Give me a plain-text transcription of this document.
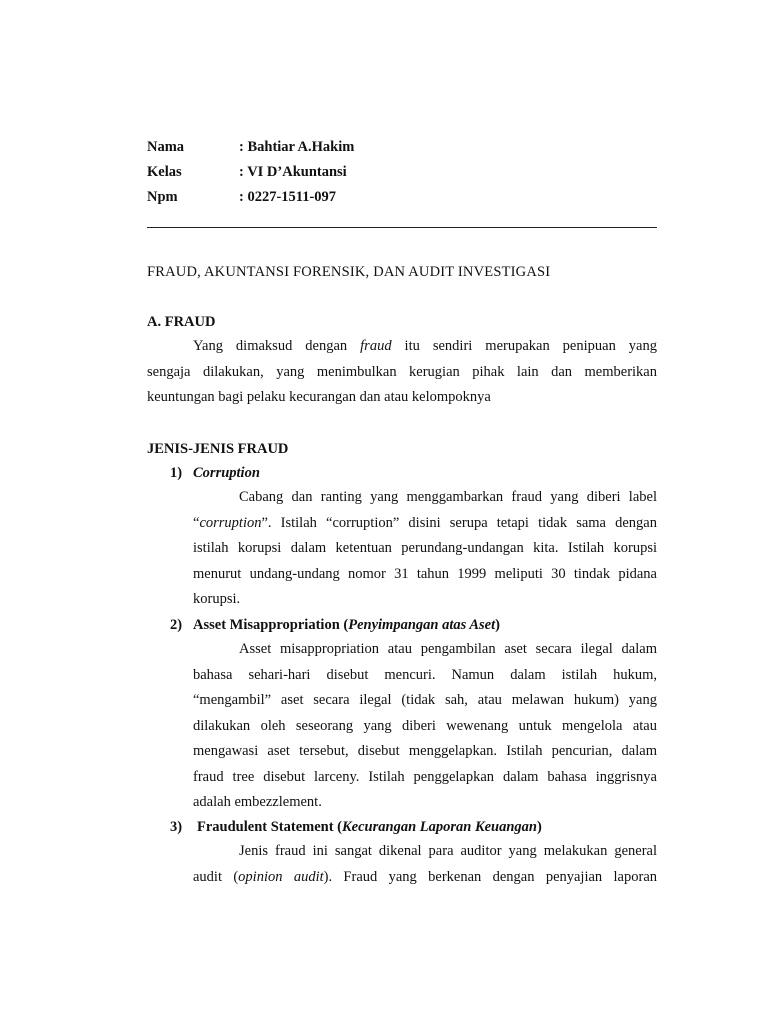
Nama	: Bahtiar A.Hakim
Kelas	: VI D’Akuntansi
Npm	: 0227-1511-097
FRAUD, AKUNTANSI FORENSIK, DAN AUDIT INVESTIGASI
A. FRAUD
Yang dimaksud dengan fraud itu sendiri merupakan penipuan yang
sengaja dilakukan, yang menimbulkan kerugian pihak lain dan memberikan
keuntungan bagi pelaku kecurangan dan atau kelompoknya
JENIS-JENIS FRAUD
1) Corruption
Cabang dan ranting yang menggambarkan fraud yang diberi label
“corruption”. Istilah “corruption” disini serupa tetapi tidak sama dengan
istilah korupsi dalam ketentuan perundang-undangan kita. Istilah korupsi
menurut undang-undang nomor 31 tahun 1999 meliputi 30 tindak pidana
korupsi.
2) Asset Misappropriation (Penyimpangan atas Aset)
Asset misappropriation atau pengambilan aset secara ilegal dalam
bahasa sehari-hari disebut mencuri. Namun dalam istilah hukum,
“mengambil” aset secara ilegal (tidak sah, atau melawan hukum) yang
dilakukan oleh seseorang yang diberi wewenang untuk mengelola atau
mengawasi aset tersebut, disebut menggelapkan. Istilah pencurian, dalam
fraud tree disebut larceny. Istilah penggelapkan dalam bahasa inggrisnya
adalah embezzlement.
3) Fraudulent Statement (Kecurangan Laporan Keuangan)
Jenis fraud ini sangat dikenal para auditor yang melakukan general
audit (opinion audit). Fraud yang berkenan dengan penyajian laporan
